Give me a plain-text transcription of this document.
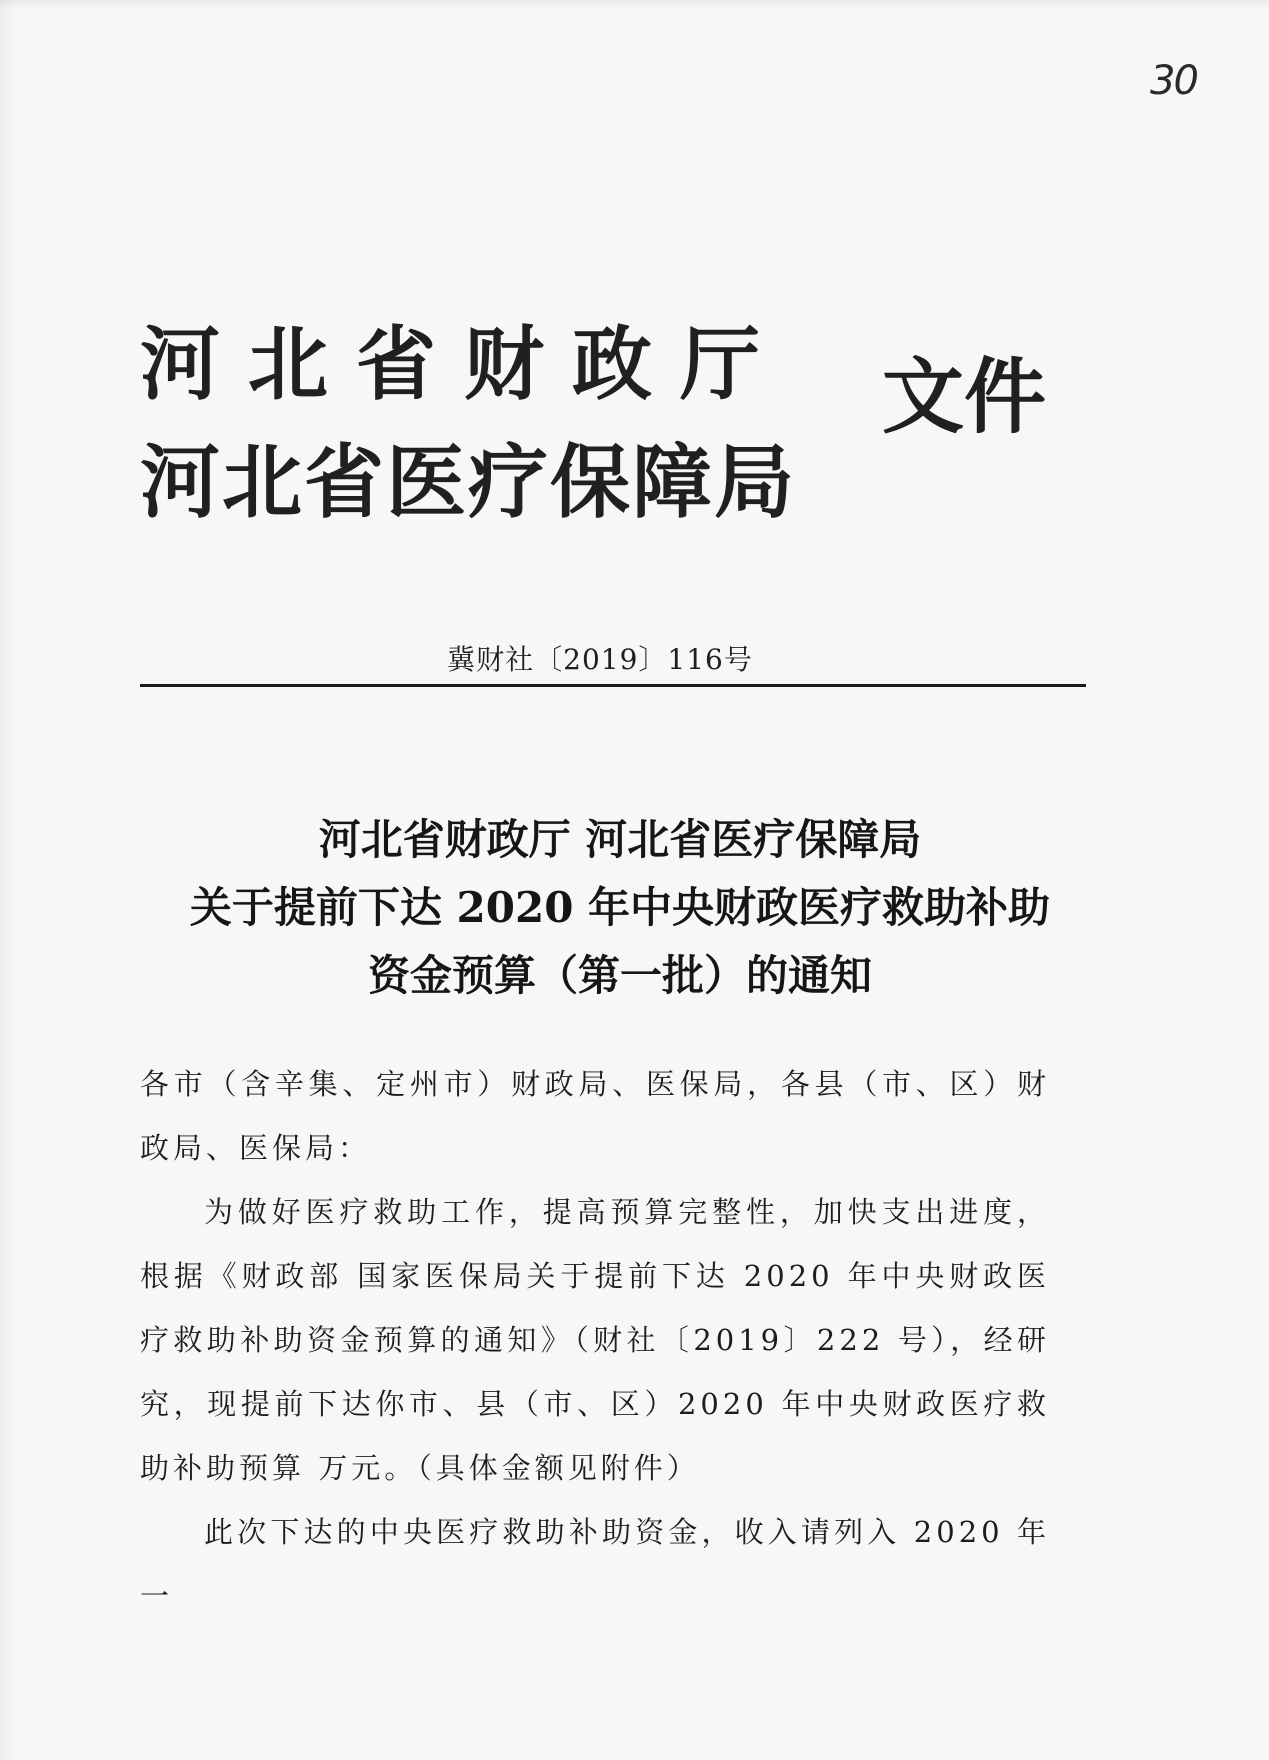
30
河北省财政厅
河北省医疗保障局
文件
冀财社〔2019〕116号
河北省财政厅 河北省医疗保障局
关于提前下达 2020 年中央财政医疗救助补助
资金预算（第一批）的通知

各市（含辛集、定州市）财政局、医保局，各县（市、区）财政局、医保局：

为做好医疗救助工作，提高预算完整性，加快支出进度，根据《财政部 国家医保局关于提前下达 2020 年中央财政医疗救助补助资金预算的通知》（财社〔2019〕222 号），经研究，现提前下达你市、县（市、区）2020 年中央财政医疗救助补助预算 万元。（具体金额见附件）

此次下达的中央医疗救助补助资金，收入请列入 2020 年一
